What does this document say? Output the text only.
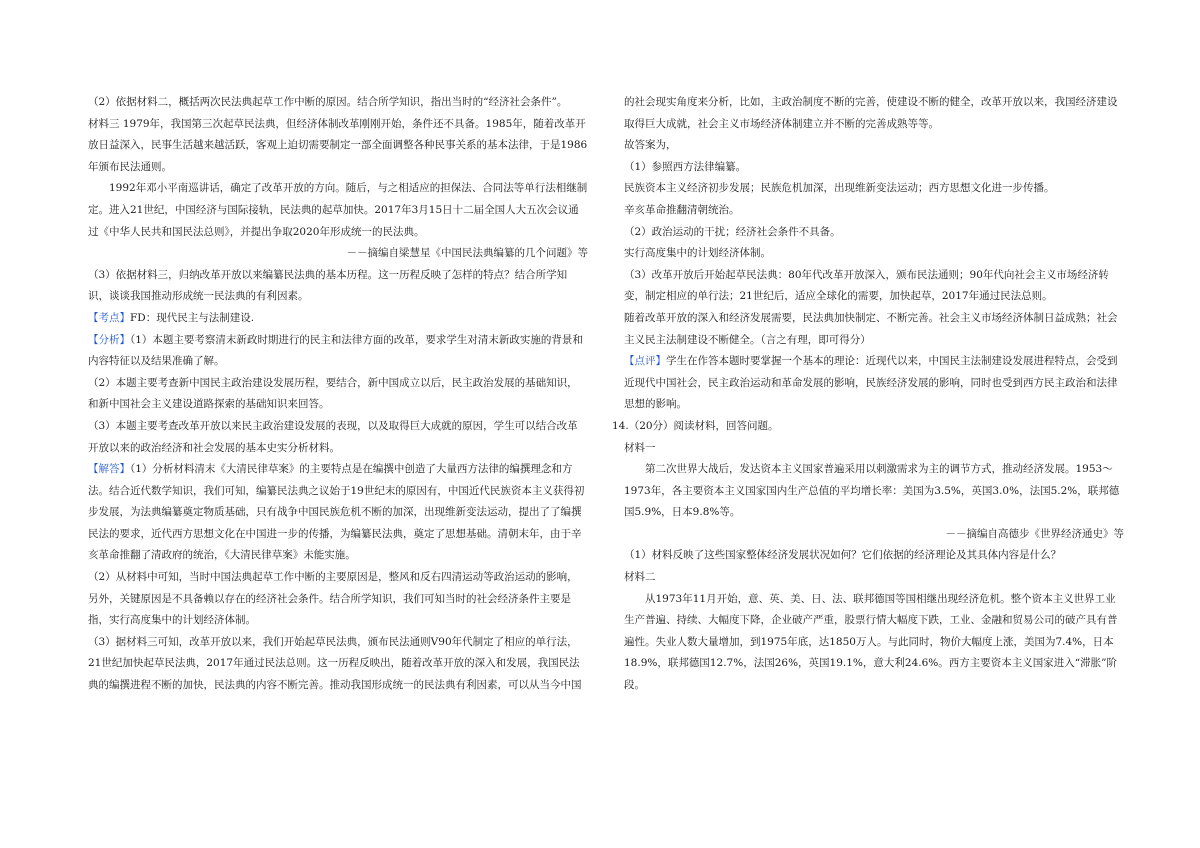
（2）依据材料二，概括两次民法典起草工作中断的原因。结合所学知识，指出当时的“经济社会条件”。

材料三 1979年，我国第三次起草民法典，但经济体制改革刚刚开始，条件还不具备。1985年，随着改革开放日益深入，民事生活越来越活跃，客观上迫切需要制定一部全面调整各种民事关系的基本法律，于是1986年颁布民法通则。

1992年邓小平南巡讲话，确定了改革开放的方向。随后，与之相适应的担保法、合同法等单行法相继制定。进入21世纪，中国经济与国际接轨，民法典的起草加快。2017年3月15日十二届全国人大五次会议通过《中华人民共和国民法总则》，并提出争取2020年形成统一的民法典。

－－摘编自梁慧星《中国民法典编纂的几个问题》等

（3）依据材料三，归纳改革开放以来编纂民法典的基本历程。这一历程反映了怎样的特点？结合所学知识，谈谈我国推动形成统一民法典的有利因素。

【考点】FD：现代民主与法制建设.

【分析】（1）本题主要考察清末新政时期进行的民主和法律方面的改革，要求学生对清末新政实施的背景和内容特征以及结果准确了解。

（2）本题主要考查新中国民主政治建设发展历程，要结合，新中国成立以后，民主政治发展的基础知识，和新中国社会主义建设道路探索的基础知识来回答。

（3）本题主要考查改革开放以来民主政治建设发展的表现，以及取得巨大成就的原因，学生可以结合改革开放以来的政治经济和社会发展的基本史实分析材料。

【解答】（1）分析材料清末《大清民律草案》的主要特点是在编撰中创造了大量西方法律的编撰理念和方法。结合近代数学知识，我们可知，编纂民法典之议始于19世纪末的原因有，中国近代民族资本主义获得初步发展，为法典编纂奠定物质基础，只有战争中国民族危机不断的加深，出现维新变法运动，提出了了编撰民法的要求，近代西方思想文化在中国进一步的传播，为编纂民法典，奠定了思想基础。清朝末年，由于辛亥革命推翻了清政府的统治，《大清民律草案》未能实施。

（2）从材料中可知，当时中国法典起草工作中断的主要原因是，整风和反右四清运动等政治运动的影响，另外，关键原因是不具备赖以存在的经济社会条件。结合所学知识，我们可知当时的社会经济条件主要是指，实行高度集中的计划经济体制。

（3）据材料三可知，改革开放以来，我们开始起草民法典，颁布民法通则V90年代制定了相应的单行法，21世纪加快起草民法典，2017年通过民法总则。这一历程反映出，随着改革开放的深入和发展，我国民法典的编撰进程不断的加快，民法典的内容不断完善。推动我国形成统一的民法典有利因素，可以从当今中国

的社会现实角度来分析，比如，主政治制度不断的完善，使建设不断的健全，改革开放以来，我国经济建设取得巨大成就，社会主义市场经济体制建立并不断的完善成熟等等。

故答案为，

（1）参照西方法律编纂。

民族资本主义经济初步发展；民族危机加深，出现维新变法运动；西方思想文化进一步传播。

辛亥革命推翻清朝统治。

（2）政治运动的干扰；经济社会条件不具备。

实行高度集中的计划经济体制。

（3）改革开放后开始起草民法典：80年代改革开放深入，颁布民法通则；90年代向社会主义市场经济转变，制定相应的单行法；21世纪后，适应全球化的需要，加快起草，2017年通过民法总则。

随着改革开放的深入和经济发展需要，民法典加快制定、不断完善。社会主义市场经济体制日益成熟；社会主义民主法制建设不断健全。（言之有理，即可得分）

【点评】学生在作答本题时要掌握一个基本的理论：近现代以来，中国民主法制建设发展进程特点，会受到近现代中国社会，民主政治运动和革命发展的影响，民族经济发展的影响，同时也受到西方民主政治和法律思想的影响。

14.（20分）阅读材料，回答问题。

材料一

第二次世界大战后，发达资本主义国家普遍采用以刺激需求为主的调节方式，推动经济发展。1953～1973年，各主要资本主义国家国内生产总值的平均增长率：美国为3.5%，英国3.0%，法国5.2%，联邦德国5.9%，日本9.8%等。

－－摘编自高德步《世界经济通史》等

（1）材料反映了这些国家整体经济发展状况如何？它们依据的经济理论及其具体内容是什么？

材料二

从1973年11月开始，意、英、美、日、法、联邦德国等国相继出现经济危机。整个资本主义世界工业生产普遍、持续、大幅度下降，企业破产严重，股票行情大幅度下跌，工业、金融和贸易公司的破产具有普遍性。失业人数大量增加，到1975年底，达1850万人。与此同时，物价大幅度上涨，美国为7.4%，日本18.9%，联邦德国12.7%，法国26%，英国19.1%，意大利24.6%。西方主要资本主义国家进入“滞胀”阶段。
